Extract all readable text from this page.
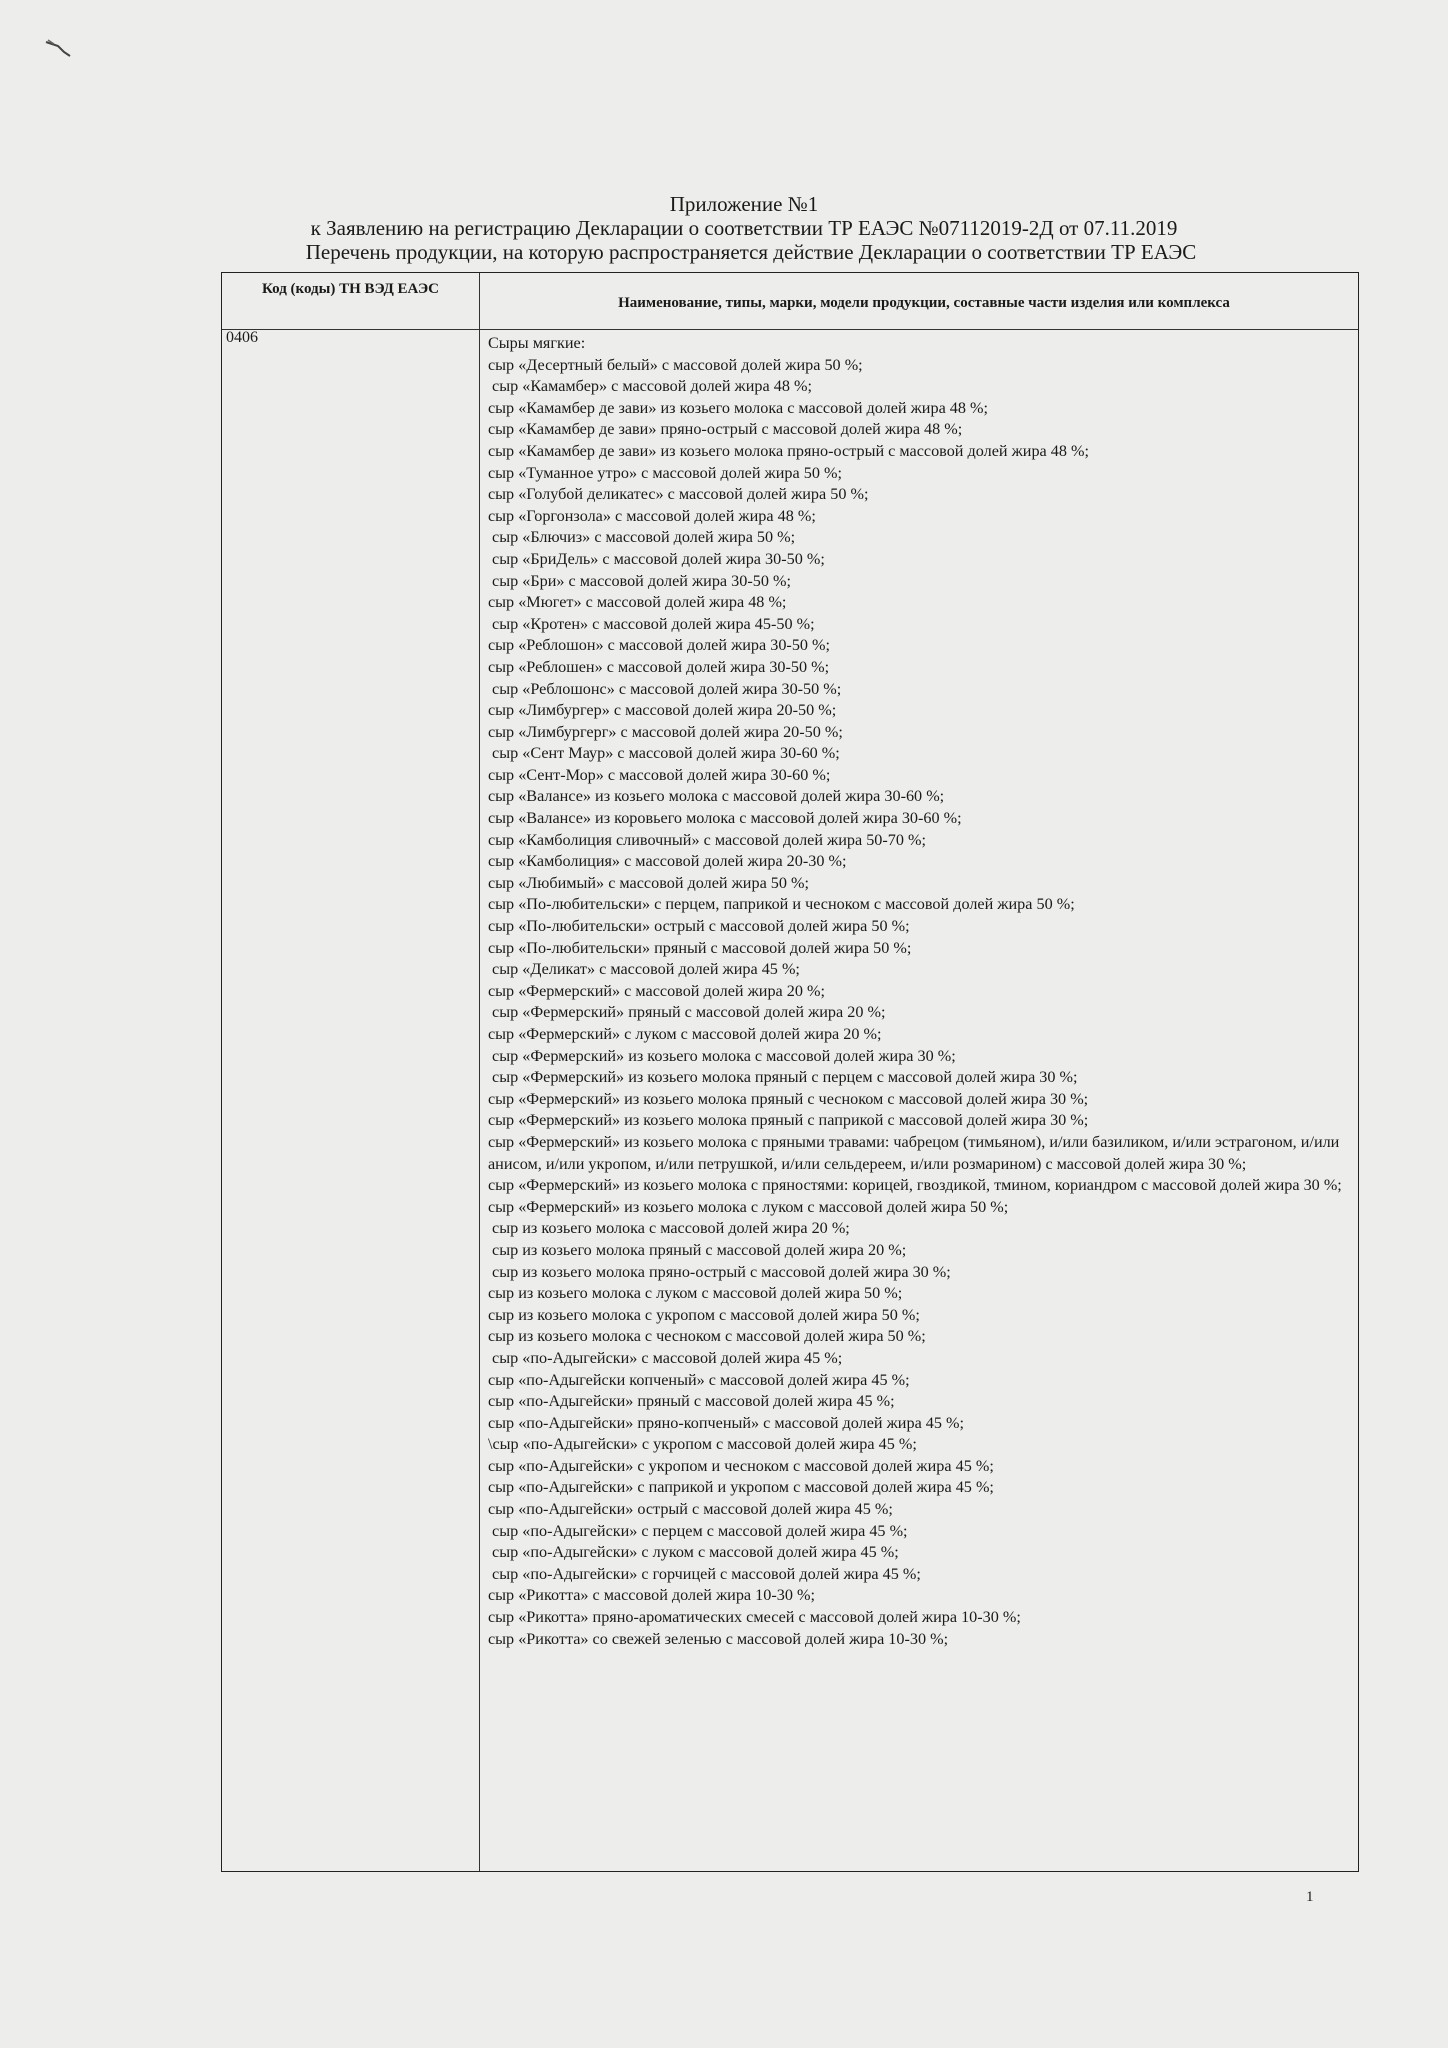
Приложение №1
к Заявлению на регистрацию Декларации о соответствии ТР ЕАЭС №07112019-2Д от 07.11.2019
Перечень продукции, на которую распространяется действие Декларации о соответствии ТР ЕАЭС
Код (коды) ТН ВЭД ЕАЭС
Наименование, типы, марки, модели продукции, составные части изделия или комплекса
0406	Сыры мягкие:
сыр «Десертный белый» с массовой долей жира 50 %;
сыр «Камамбер» с массовой долей жира 48 %;
сыр «Камамбер де зави» из козьего молока с массовой долей жира 48 %;
сыр «Камамбер де зави» пряно-острый с массовой долей жира 48 %;
сыр «Камамбер де зави» из козьего молока пряно-острый с массовой долей жира 48 %;
сыр «Туманное утро» с массовой долей жира 50 %;
сыр «Голубой деликатес» с массовой долей жира 50 %;
сыр «Горгонзола» с массовой долей жира 48 %;
сыр «Блючиз» с массовой долей жира 50 %;
сыр «БриДель» с массовой долей жира 30-50 %;
сыр «Бри» с массовой долей жира 30-50 %;
сыр «Мюгет» с массовой долей жира 48 %;
сыр «Кротен» с массовой долей жира 45-50 %;
сыр «Реблошон» с массовой долей жира 30-50 %;
сыр «Реблошен» с массовой долей жира 30-50 %;
сыр «Реблошонс» с массовой долей жира 30-50 %;
сыр «Лимбургер» с массовой долей жира 20-50 %;
сыр «Лимбургерг» с массовой долей жира 20-50 %;
сыр «Сент Маур» с массовой долей жира 30-60 %;
сыр «Сент-Мор» с массовой долей жира 30-60 %;
сыр «Валансе» из козьего молока с массовой долей жира 30-60 %;
сыр «Валансе» из коровьего молока с массовой долей жира 30-60 %;
сыр «Камболиция сливочный» с массовой долей жира 50-70 %;
сыр «Камболиция» с массовой долей жира 20-30 %;
сыр «Любимый» с массовой долей жира 50 %;
сыр «По-любительски» с перцем, паприкой и чесноком с массовой долей жира 50 %;
сыр «По-любительски» острый с массовой долей жира 50 %;
сыр «По-любительски» пряный с массовой долей жира 50 %;
сыр «Деликат» с массовой долей жира 45 %;
сыр «Фермерский» с массовой долей жира 20 %;
сыр «Фермерский» пряный с массовой долей жира 20 %;
сыр «Фермерский» с луком с массовой долей жира 20 %;
сыр «Фермерский» из козьего молока с массовой долей жира 30 %;
сыр «Фермерский» из козьего молока пряный с перцем с массовой долей жира 30 %;
сыр «Фермерский» из козьего молока пряный с чесноком с массовой долей жира 30 %;
сыр «Фермерский» из козьего молока пряный с паприкой с массовой долей жира 30 %;
сыр «Фермерский» из козьего молока с пряными травами: чабрецом (тимьяном), и/или базиликом, и/или эстрагоном, и/или анисом, и/или укропом, и/или петрушкой, и/или сельдереем, и/или розмарином) с массовой долей жира 30 %;
сыр «Фермерский» из козьего молока с пряностями: корицей, гвоздикой, тмином, кориандром с массовой долей жира 30 %;
сыр «Фермерский» из козьего молока с луком с массовой долей жира 50 %;
сыр из козьего молока с массовой долей жира 20 %;
сыр из козьего молока пряный с массовой долей жира 20 %;
сыр из козьего молока пряно-острый с массовой долей жира 30 %;
сыр из козьего молока с луком с массовой долей жира 50 %;
сыр из козьего молока с укропом с массовой долей жира 50 %;
сыр из козьего молока с чесноком с массовой долей жира 50 %;
сыр «по-Адыгейски» с массовой долей жира 45 %;
сыр «по-Адыгейски копченый» с массовой долей жира 45 %;
сыр «по-Адыгейски» пряный с массовой долей жира 45 %;
сыр «по-Адыгейски» пряно-копченый» с массовой долей жира 45 %;
\сыр «по-Адыгейски» с укропом с массовой долей жира 45 %;
сыр «по-Адыгейски» с укропом и чесноком с массовой долей жира 45 %;
сыр «по-Адыгейски» с паприкой и укропом с массовой долей жира 45 %;
сыр «по-Адыгейски» острый с массовой долей жира 45 %;
сыр «по-Адыгейски» с перцем с массовой долей жира 45 %;
сыр «по-Адыгейски» с луком с массовой долей жира 45 %;
сыр «по-Адыгейски» с горчицей с массовой долей жира 45 %;
сыр «Рикотта» с массовой долей жира 10-30 %;
сыр «Рикотта» пряно-ароматических смесей с массовой долей жира 10-30 %;
сыр «Рикотта» со свежей зеленью с массовой долей жира 10-30 %;
1
